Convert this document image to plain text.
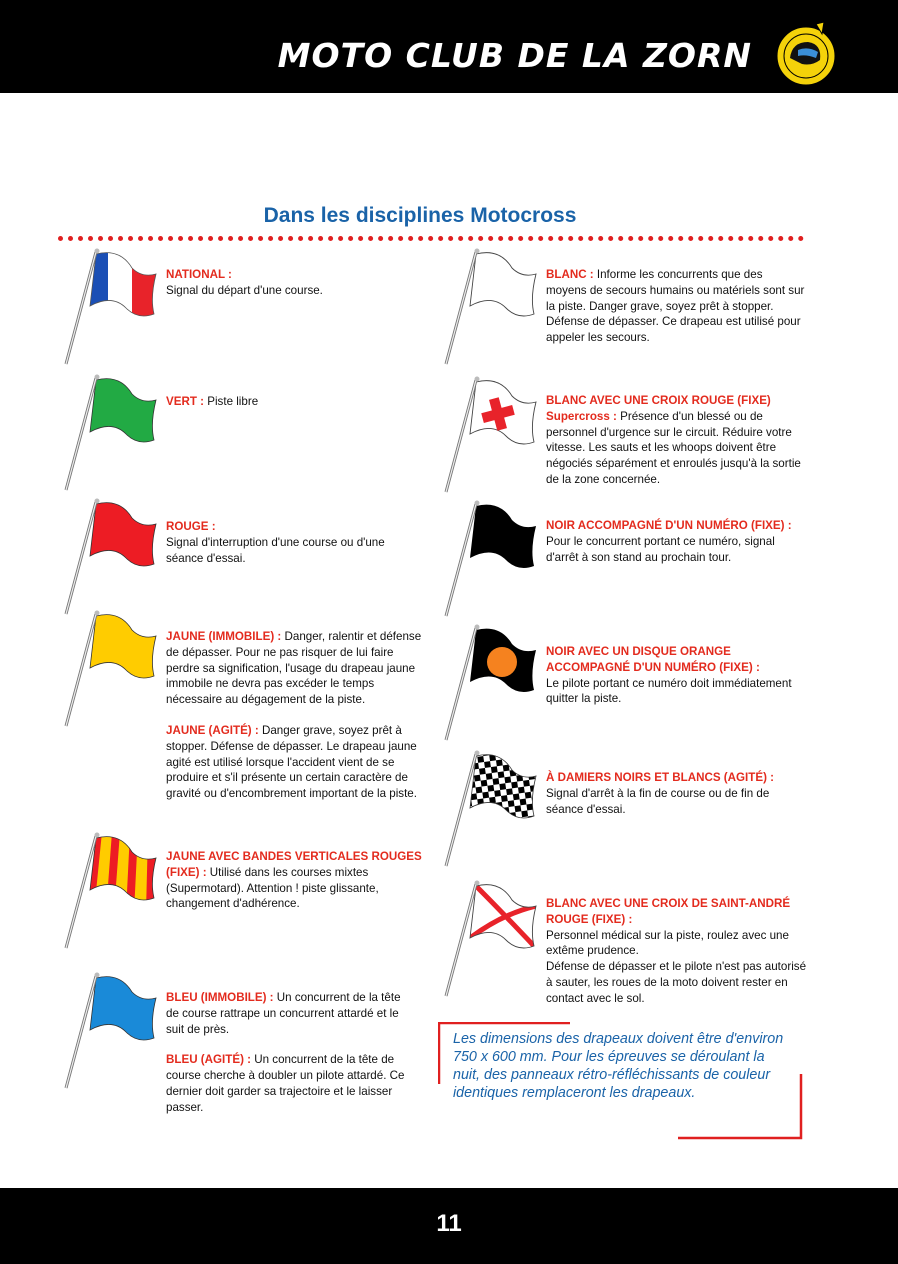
MOTO CLUB DE LA ZORN
Dans les disciplines Motocross
NATIONAL :
Signal du départ d'une course.
VERT : Piste libre
ROUGE :
Signal d'interruption d'une course ou d'une séance d'essai.

JAUNE (IMMOBILE) : Danger, ralentir et défense de dépasser. Pour ne pas risquer de lui faire perdre sa signification, l'usage du drapeau jaune immobile ne devra pas excéder le temps nécessaire au dégagement de la piste.

JAUNE (AGITÉ) : Danger grave, soyez prêt à stopper. Défense de dépasser. Le drapeau jaune agité est utilisé lorsque l'accident vient de se produire et s'il présente un certain caractère de gravité ou d'encombrement important de la piste.

JAUNE AVEC BANDES VERTICALES ROUGES (FIXE) : Utilisé dans les courses mixtes (Supermotard). Attention ! piste glissante, changement d'adhérence.

BLEU (IMMOBILE) : Un concurrent de la tête de course rattrape un concurrent attardé et le suit de près.

BLEU (AGITÉ) : Un concurrent de la tête de course cherche à doubler un pilote attardé. Ce dernier doit garder sa trajectoire et le laisser passer.

BLANC : Informe les concurrents que des moyens de secours humains ou matériels sont sur la piste. Danger grave, soyez prêt à stopper. Défense de dépasser. Ce drapeau est utilisé pour appeler les secours.
BLANC AVEC UNE CROIX ROUGE (FIXE)
Supercross : Présence d'un blessé ou de personnel d'urgence sur le circuit. Réduire votre vitesse. Les sauts et les whoops doivent être négociés séparément et enroulés jusqu'à la sortie de la zone concernée.
NOIR ACCOMPAGNÉ D'UN NUMÉRO (FIXE) : Pour le concurrent portant ce numéro, signal d'arrêt à son stand au prochain tour.
NOIR AVEC UN DISQUE ORANGE ACCOMPAGNÉ D'UN NUMÉRO (FIXE) :
Le pilote portant ce numéro doit immédiatement quitter la piste.
À DAMIERS NOIRS ET BLANCS (AGITÉ) :
Signal d'arrêt à la fin de course ou de fin de séance d'essai.
BLANC AVEC UNE CROIX DE SAINT-ANDRÉ ROUGE (FIXE) :
Personnel médical sur la piste, roulez avec une extême prudence.
Défense de dépasser et le pilote n'est pas autorisé à sauter, les roues de la moto doivent rester en contact avec le sol.
Les dimensions des drapeaux doivent être d'environ 750 x 600 mm. Pour les épreuves se déroulant la nuit, des panneaux rétro-réfléchissants de couleur identiques remplaceront les drapeaux.
11
